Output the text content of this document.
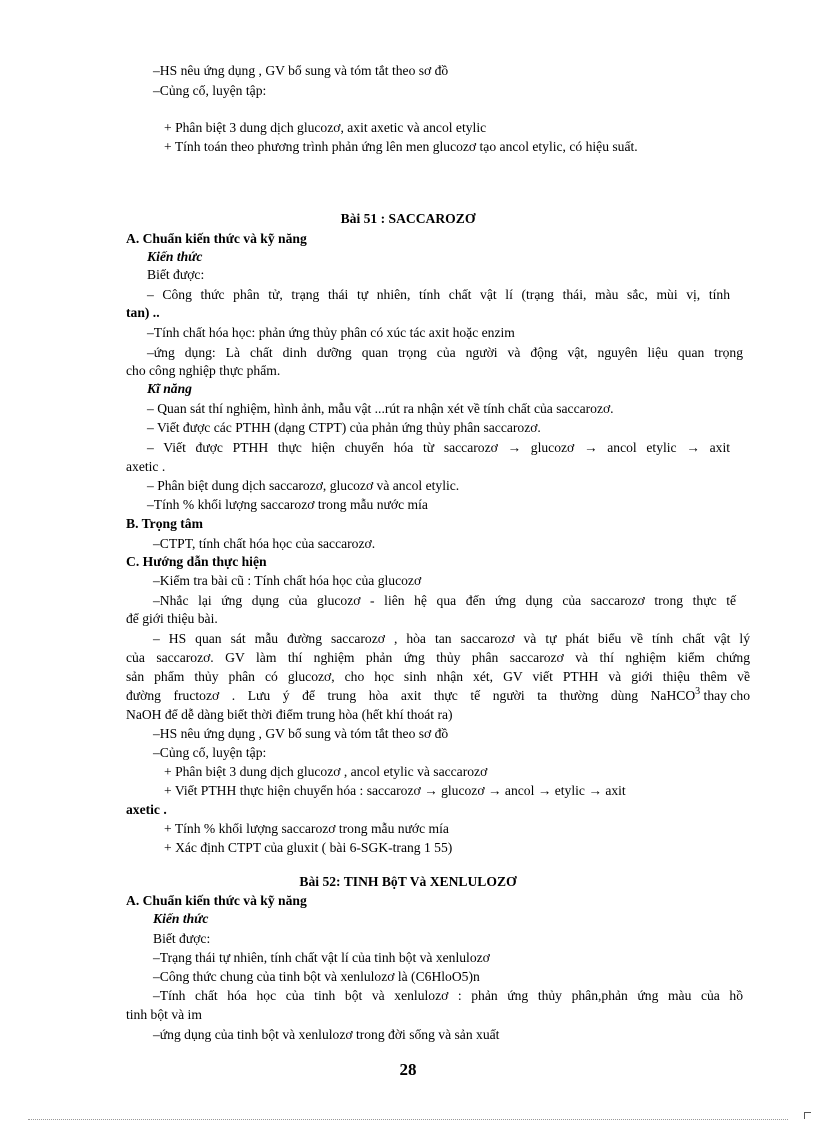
–HS nêu ứng dụng , GV bổ sung và tóm tắt theo sơ đồ
–Củng cố, luyện tập:
+ Phân biệt 3 dung dịch glucozơ, axit axetic và ancol etylic
+ Tính toán theo phương trình phản ứng lên men glucozơ tạo ancol etylic, có hiệu suất.
Bài 51 : SACCAROZƠ
A. Chuẩn kiến thức và kỹ năng
Kiến thức
Biết được:
– Công thức phân tử, trạng thái tự nhiên, tính chất vật lí (trạng thái, màu sắc, mùi vị, tính
tan) ..
–Tính chất hóa học: phản ứng thủy phân có xúc tác axit hoặc enzim
–ứng dụng: Là chất dinh dưỡng quan trọng của người và động vật, nguyên liệu quan trọng
cho công nghiệp thực phẩm.
Kĩ năng
– Quan sát thí nghiệm, hình ảnh, mẫu vật ...rút ra nhận xét về tính chất của saccarozơ.
– Viết được các PTHH (dạng CTPT) của phản ứng thủy phân saccarozơ.
– Viết được PTHH thực hiện chuyển hóa từ saccarozơ → glucozơ → ancol etylic → axit
axetic .
– Phân biệt dung dịch saccarozơ, glucozơ và ancol etylic.
–Tính % khối lượng saccarozơ trong mẫu nước mía
B. Trọng tâm
–CTPT, tính chất hóa học của saccarozơ.
C. Hướng dẫn thực hiện
–Kiểm tra bài cũ : Tính chất hóa học của glucozơ
–Nhắc lại ứng dụng của glucozơ - liên hệ qua đến ứng dụng của saccarozơ trong thực tế
để giới thiệu bài.
– HS quan sát mẫu đường saccarozơ , hòa tan saccarozơ và tự phát biểu về tính chất vật lý
của saccarozơ. GV làm thí nghiệm phản ứng thủy phân saccarozơ và thí nghiệm kiểm chứng
sản phẩm thủy phân có glucozơ, cho học sinh nhận xét, GV viết PTHH và giới thiệu thêm về
đường fructozơ . Lưu ý để trung hòa axit thực tế người ta thường dùng NaHCO 3 thay cho
NaOH để dễ dàng biết thời điểm trung hòa (hết khí thoát ra)
–HS nêu ứng dụng , GV bổ sung và tóm tắt theo sơ đồ
–Củng cố, luyện tập:
+ Phân biệt 3 dung dịch glucozơ , ancol etylic và saccarozơ
+ Viết PTHH thực hiện chuyển hóa : saccarozơ → glucozơ → ancol → etylic → axit
axetic .
+ Tính % khối lượng saccarozơ trong mẫu nước mía
+ Xác định CTPT của gluxit ( bài 6-SGK-trang 1 55)
Bài 52: TINH BộT Và XENLULOZƠ
A. Chuẩn kiến thức và kỹ năng
Kiến thức
Biết được:
–Trạng thái tự nhiên, tính chất vật lí của tinh bột và xenlulozơ
–Công thức chung của tinh bột và xenlulozơ là (C6HloO5)n
–Tính chất hóa học của tinh bột và xenlulozơ : phản ứng thủy phân,phản ứng màu của hồ
tinh bột và im
–ứng dụng của tinh bột và xenlulozơ trong đời sống và sản xuất
28
